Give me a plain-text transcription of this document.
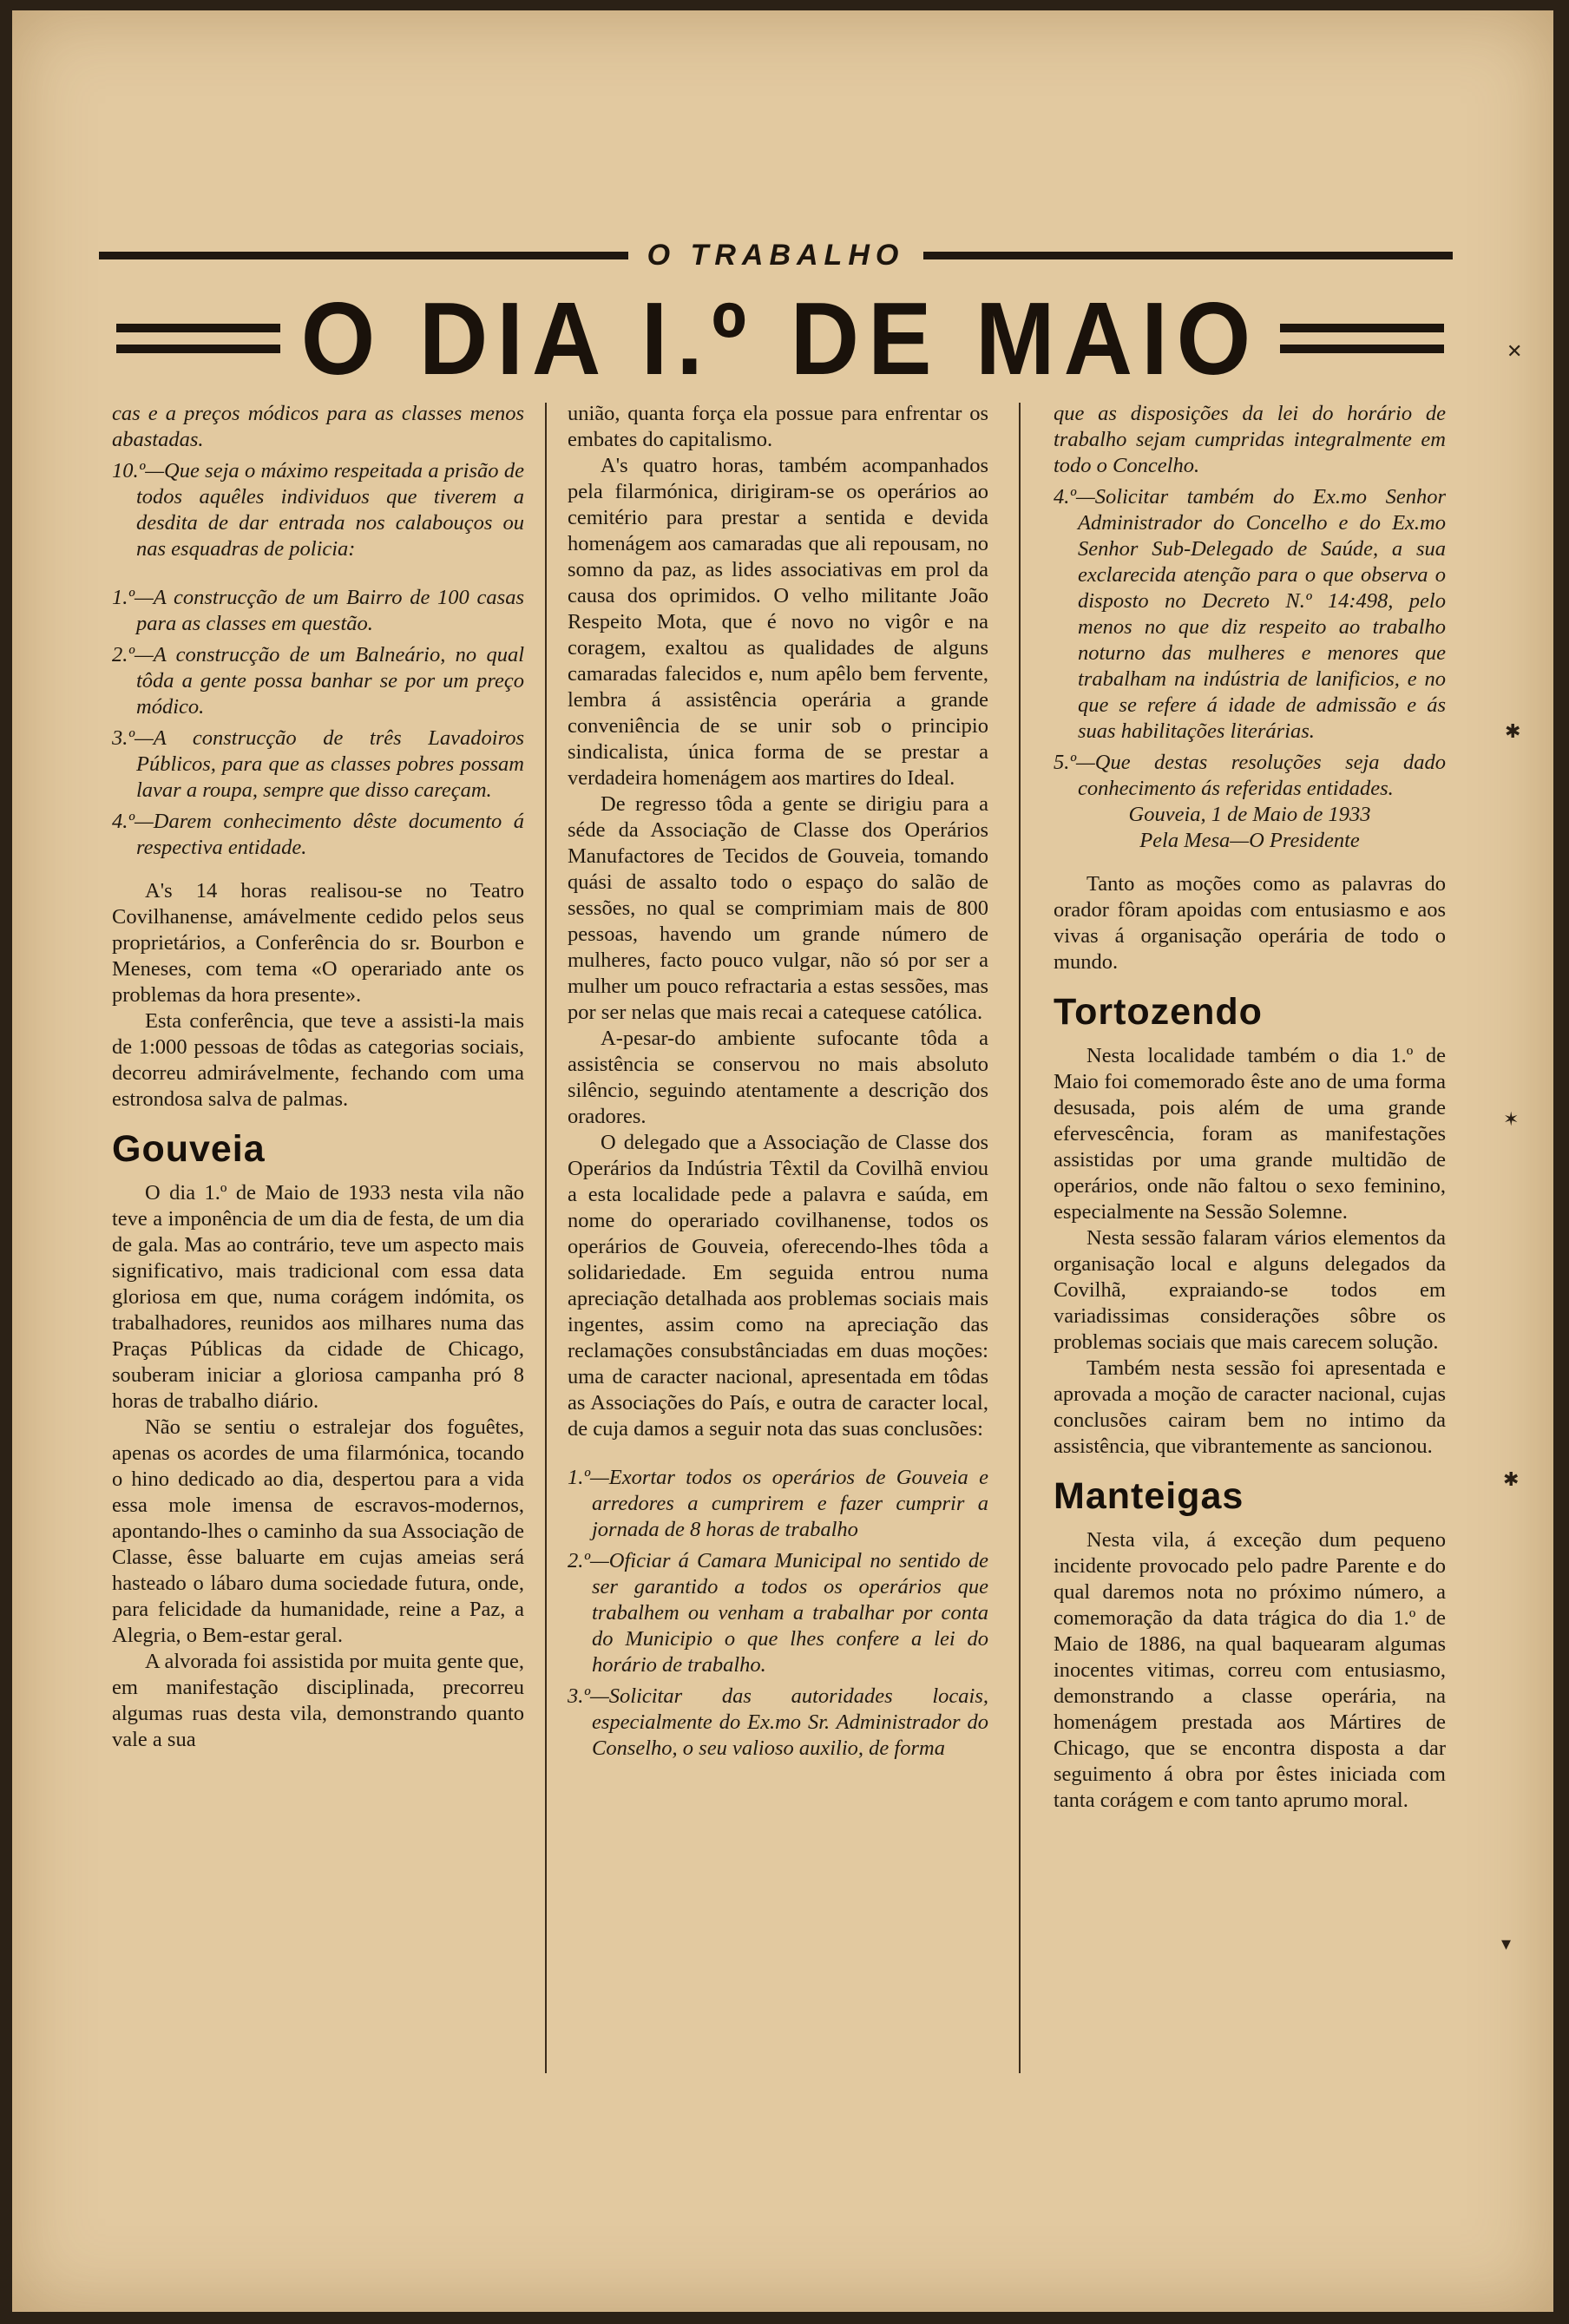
O TRABALHO
O DIA I.º DE MAIO

cas e a preços módicos para as classes menos abastadas.

10.º—Que seja o máximo respeitada a prisão de todos aquêles individuos que tiverem a desdita de dar entrada nos calabouços ou nas esquadras de policia:

1.º—A construcção de um Bairro de 100 casas para as classes em questão.

2.º—A construcção de um Balneário, no qual tôda a gente possa banhar se por um preço módico.

3.º—A construcção de três Lavadoiros Públicos, para que as classes pobres possam lavar a roupa, sempre que disso careçam.

4.º—Darem conhecimento dêste documento á respectiva entidade.

A's 14 horas realisou-se no Teatro Covilhanense, amávelmente cedido pelos seus proprietários, a Conferência do sr. Bourbon e Meneses, com tema «O operariado ante os problemas da hora presente».

Esta conferência, que teve a assisti-la mais de 1:000 pessoas de tôdas as categorias sociais, decorreu admirávelmente, fechando com uma estrondosa salva de palmas.

Gouveia

O dia 1.º de Maio de 1933 nesta vila não teve a imponência de um dia de festa, de um dia de gala. Mas ao contrário, teve um aspecto mais significativo, mais tradicional com essa data gloriosa em que, numa corágem indómita, os trabalhadores, reunidos aos milhares numa das Praças Públicas da cidade de Chicago, souberam iniciar a gloriosa campanha pró 8 horas de trabalho diário.

Não se sentiu o estralejar dos foguêtes, apenas os acordes de uma filarmónica, tocando o hino dedicado ao dia, despertou para a vida essa mole imensa de escravos-modernos, apontando-lhes o caminho da sua Associação de Classe, êsse baluarte em cujas ameias será hasteado o lábaro duma sociedade futura, onde, para felicidade da humanidade, reine a Paz, a Alegria, o Bem-estar geral.

A alvorada foi assistida por muita gente que, em manifestação disciplinada, precorreu algumas ruas desta vila, demonstrando quanto vale a sua

união, quanta força ela possue para enfrentar os embates do capitalismo.

A's quatro horas, também acompanhados pela filarmónica, dirigiram-se os operários ao cemitério para prestar a sentida e devida homenágem aos camaradas que ali repousam, no somno da paz, as lides associativas em prol da causa dos oprimidos. O velho militante João Respeito Mota, que é novo no vigôr e na coragem, exaltou as qualidades de alguns camaradas falecidos e, num apêlo bem fervente, lembra á assistência operária a grande conveniência de se unir sob o principio sindicalista, única forma de se prestar a verdadeira homenágem aos martires do Ideal.

De regresso tôda a gente se dirigiu para a séde da Associação de Classe dos Operários Manufactores de Tecidos de Gouveia, tomando quási de assalto todo o espaço do salão de sessões, no qual se comprimiam mais de 800 pessoas, havendo um grande número de mulheres, facto pouco vulgar, não só por ser a mulher um pouco refractaria a estas sessões, mas por ser nelas que mais recai a catequese católica.

A-pesar-do ambiente sufocante tôda a assistência se conservou no mais absoluto silêncio, seguindo atentamente a descrição dos oradores.

O delegado que a Associação de Classe dos Operários da Indústria Têxtil da Covilhã enviou a esta localidade pede a palavra e saúda, em nome do operariado covilhanense, todos os operários de Gouveia, oferecendo-lhes tôda a solidariedade. Em seguida entrou numa apreciação detalhada aos problemas sociais mais ingentes, assim como na apreciação das reclamações consubstânciadas em duas moções: uma de caracter nacional, apresentada em tôdas as Associações do País, e outra de caracter local, de cuja damos a seguir nota das suas conclusões:

1.º—Exortar todos os operários de Gouveia e arredores a cumprirem e fazer cumprir a jornada de 8 horas de trabalho

2.º—Oficiar á Camara Municipal no sentido de ser garantido a todos os operários que trabalhem ou venham a trabalhar por conta do Municipio o que lhes confere a lei do horário de trabalho.

3.º—Solicitar das autoridades locais, especialmente do Ex.mo Sr. Administrador do Conselho, o seu valioso auxilio, de forma

que as disposições da lei do horário de trabalho sejam cumpridas integralmente em todo o Concelho.

4.º—Solicitar também do Ex.mo Senhor Administrador do Concelho e do Ex.mo Senhor Sub-Delegado de Saúde, a sua exclarecida atenção para o que observa o disposto no Decreto N.º 14:498, pelo menos no que diz respeito ao trabalho noturno das mulheres e menores que trabalham na indústria de lanificios, e no que se refere á idade de admissão e ás suas habilitações literárias.

5.º—Que destas resoluções seja dado conhecimento ás referidas entidades.

Gouveia, 1 de Maio de 1933

Pela Mesa—O Presidente

Tanto as moções como as palavras do orador fôram apoidas com entusiasmo e aos vivas á organisação operária de todo o mundo.

Tortozendo

Nesta localidade também o dia 1.º de Maio foi comemorado êste ano de uma forma desusada, pois além de uma grande efervescência, foram as manifestações assistidas por uma grande multidão de operários, onde não faltou o sexo feminino, especialmente na Sessão Solemne.

Nesta sessão falaram vários elementos da organisação local e alguns delegados da Covilhã, expraiando-se todos em variadissimas considerações sôbre os problemas sociais que mais carecem solução.

Também nesta sessão foi apresentada e aprovada a moção de caracter nacional, cujas conclusões cairam bem no intimo da assistência, que vibrantemente as sancionou.

Manteigas

Nesta vila, á exceção dum pequeno incidente provocado pelo padre Parente e do qual daremos nota no próximo número, a comemoração da data trágica do dia 1.º de Maio de 1886, na qual baquearam algumas inocentes vitimas, correu com entusiasmo, demonstrando a classe operária, na homenágem prestada aos Mártires de Chicago, que se encontra disposta a dar seguimento á obra por êstes iniciada com tanta corágem e com tanto aprumo moral.

✕
✱
✶
✱
▾
